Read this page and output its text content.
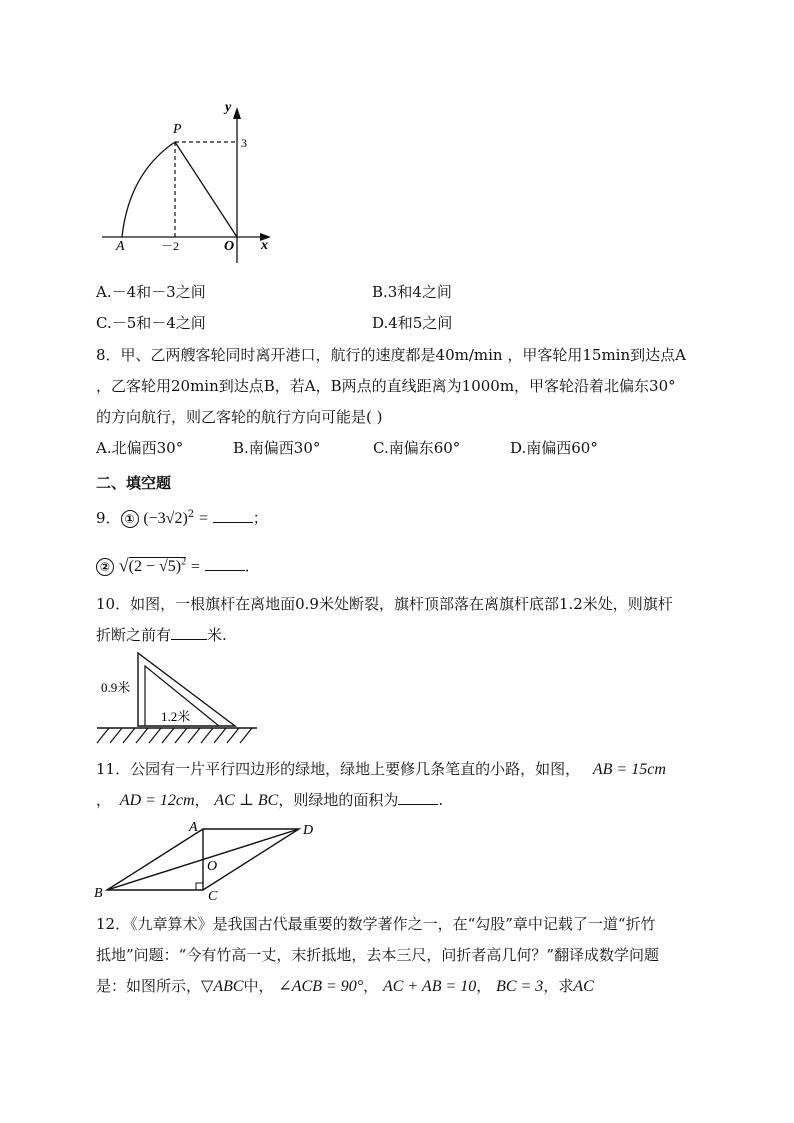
y
x
P
A	O
3
－2
A.－4和－3之间	B.3和4之间
C.－5和－4之间	D.4和5之间
8．甲、乙两艘客轮同时离开港口，航行的速度都是40m/min ，甲客轮用15min到达点A
，乙客轮用20min到达点B，若A，B两点的直线距离为1000m，甲客轮沿着北偏东30°
的方向航行，则乙客轮的航行方向可能是( )
A.北偏西30°	B.南偏西30°	C.南偏东60°	D.南偏西60°
二、填空题
9． ① $(-3√2)^2$ =	；
② $√(2 - √5)^2$ =	.
10．如图，一根旗杆在离地面0.9米处断裂，旗杆顶部落在离旗杆底部1.2米处，则旗杆
折断之前有 米.
0.9米
1.2米
11．公园有一片平行四边形的绿地，绿地上要修几条笔直的小路，如图， AB = 15cm
， AD = 12cm， AC ⊥ BC，则绿地的面积为	.
A	D
O
B	C
12．《九章算术》是我国古代最重要的数学著作之一，在“勾股”章中记载了一道“折竹
抵地”问题：“今有竹高一丈，末折抵地，去本三尺，问折者高几何？”翻译成数学问题
是：如图所示，▽ABC中， ∠ACB = 90°， AC + AB = 10， BC = 3，求AC
